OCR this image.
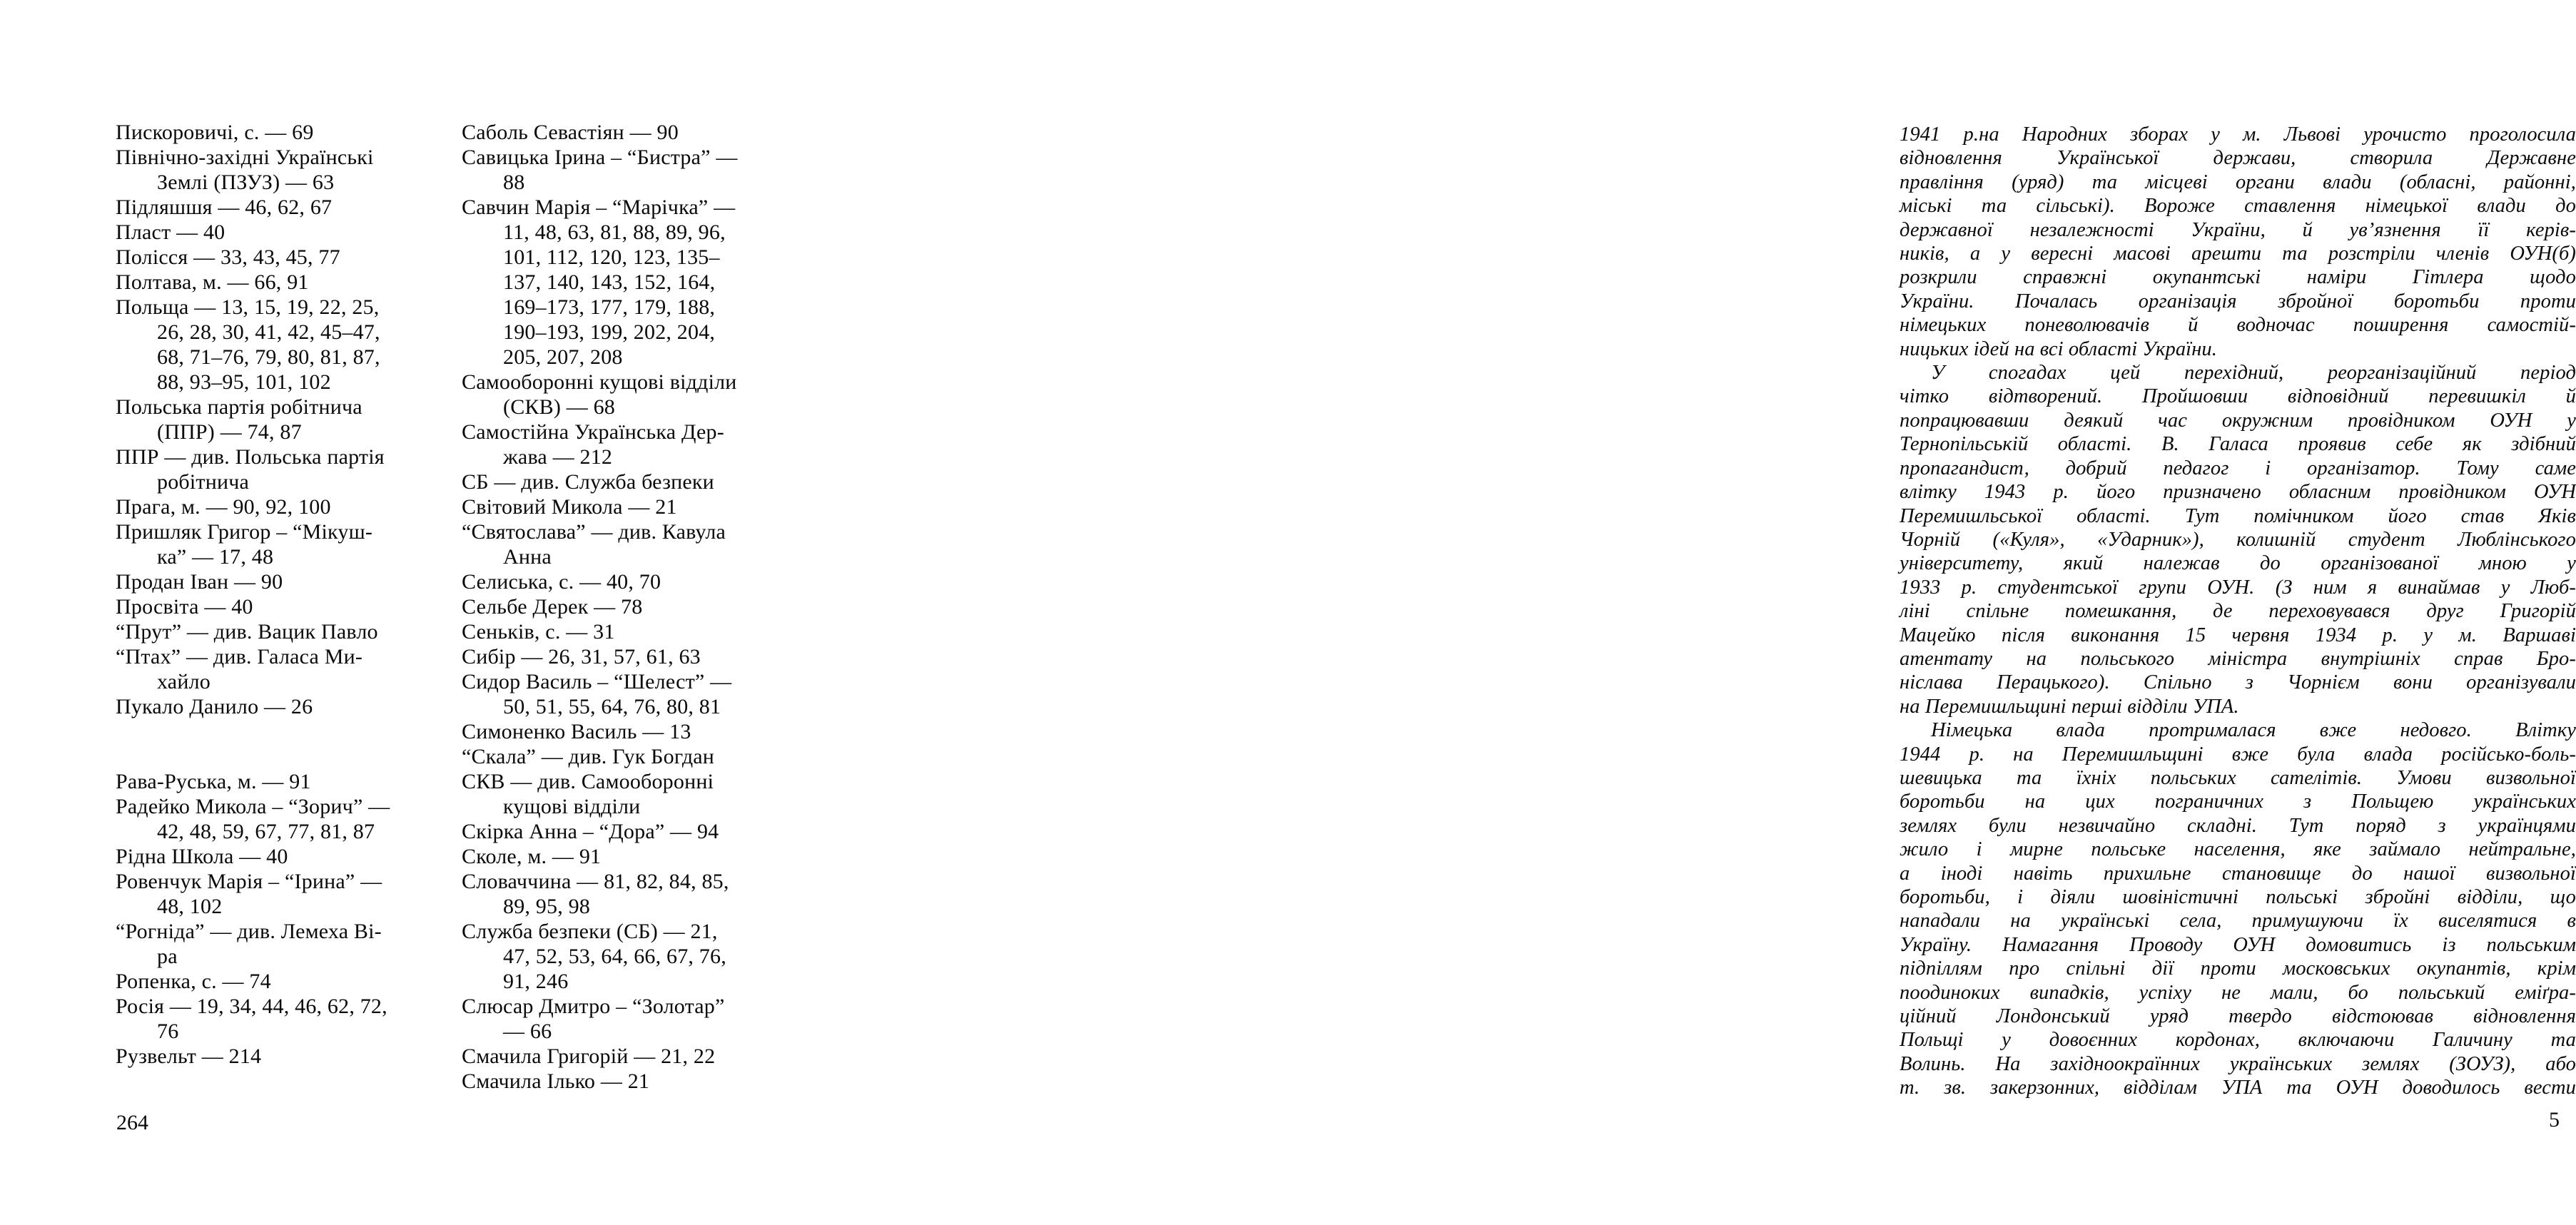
Пискоровичі, с. — 69
Північно-західні Українські
Землі (ПЗУЗ) — 63
Підляшшя — 46, 62, 67
Пласт — 40
Полісся — 33, 43, 45, 77
Полтава, м. — 66, 91
Польща — 13, 15, 19, 22, 25,
26, 28, 30, 41, 42, 45–47,
68, 71–76, 79, 80, 81, 87,
88, 93–95, 101, 102
Польська партія робітнича
(ППР) — 74, 87
ППР — див. Польська партія
робітнича
Прага, м. — 90, 92, 100
Пришляк Григор – “Мікуш-
ка” — 17, 48
Продан Іван — 90
Просвіта — 40
“Прут” — див. Вацик Павло
“Птах” — див. Галаса Ми-
хайло
Пукало Данило — 26
Рава-Руська, м. — 91
Радейко Микола – “Зорич” —
42, 48, 59, 67, 77, 81, 87
Рідна Школа — 40
Ровенчук Марія – “Ірина” —
48, 102
“Рогніда” — див. Лемеха Ві-
ра
Ропенка, с. — 74
Росія — 19, 34, 44, 46, 62, 72,
76
Рузвельт — 214
Саболь Севастіян — 90
Савицька Ірина – “Бистра” —
88
Савчин Марія – “Марічка” —
11, 48, 63, 81, 88, 89, 96,
101, 112, 120, 123, 135–
137, 140, 143, 152, 164,
169–173, 177, 179, 188,
190–193, 199, 202, 204,
205, 207, 208
Самооборонні кущові відділи
(СКВ) — 68
Самостійна Українська Дер-
жава — 212
СБ — див. Служба безпеки
Світовий Микола — 21
“Святослава” — див. Кавула
Анна
Селиська, с. — 40, 70
Сельбе Дерек — 78
Сеньків, с. — 31
Сибір — 26, 31, 57, 61, 63
Сидор Василь – “Шелест” —
50, 51, 55, 64, 76, 80, 81
Симоненко Василь — 13
“Скала” — див. Гук Богдан
СКВ — див. Самооборонні
кущові відділи
Скірка Анна – “Дора” — 94
Сколе, м. — 91
Словаччина — 81, 82, 84, 85,
89, 95, 98
Служба безпеки (СБ) — 21,
47, 52, 53, 64, 66, 67, 76,
91, 246
Слюсар Дмитро – “Золотар”
— 66
Смачила Григорій — 21, 22
Смачила Ілько — 21
264
1941 р.на Народних зборах у м. Львові урочисто проголосила
відновлення Української держави, створила Державне
правління (уряд) та місцеві органи влади (обласні, районні,
міські та сільські). Вороже ставлення німецької влади до
державної незалежності України, й ув’язнення її керів-
ників, а у вересні масові арешти та розстріли членів ОУН(б)
розкрили справжні окупантські наміри Гітлера щодо
України. Почалась організація збройної боротьби проти
німецьких поневолювачів й водночас поширення самостій-
ницьких ідей на всі області України.
У спогадах цей перехідний, реорганізаційний період
чітко відтворений. Пройшовши відповідний перевишкіл й
попрацювавши деякий час окружним провідником ОУН у
Тернопільській області. В. Галаса проявив себе як здібний
пропагандист, добрий педагог і організатор. Тому саме
влітку 1943 р. його призначено обласним провідником ОУН
Перемишльської області. Тут помічником його став Яків
Чорній («Куля», «Ударник»), колишній студент Люблінського
університету, який належав до організованої мною у
1933 р. студентської групи ОУН. (З ним я винаймав у Люб-
ліні спільне помешкання, де переховувався друг Григорій
Мацейко після виконання 15 червня 1934 р. у м. Варшаві
атентату на польського міністра внутрішніх справ Бро-
ніслава Перацького). Спільно з Чорнієм вони організували
на Перемишльщині перші відділи УПА.
Німецька влада протрималася вже недовго. Влітку
1944 р. на Перемишльщині вже була влада російсько-боль-
шевицька та їхніх польських сателітів. Умови визвольної
боротьби на цих пограничних з Польщею українських
землях були незвичайно складні. Тут поряд з українцями
жило і мирне польське населення, яке займало нейтральне,
а іноді навіть прихильне становище до нашої визвольної
боротьби, і діяли шовіністичні польські збройні відділи, що
нападали на українські села, примушуючи їх виселятися в
Україну. Намагання Проводу ОУН домовитись із польським
підпіллям про спільні дії проти московських окупантів, крім
поодиноких випадків, успіху не мали, бо польський еміґра-
ційний Лондонський уряд твердо відстоював відновлення
Польщі у довоєнних кордонах, включаючи Галичину та
Волинь. На західноокраїнних українських землях (ЗОУЗ), або
т. зв. закерзонних, відділам УПА та ОУН доводилось вести
5
